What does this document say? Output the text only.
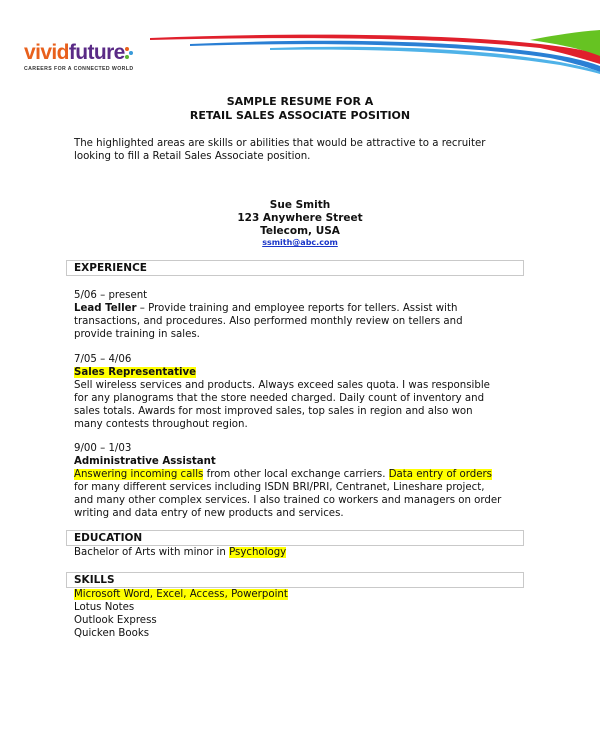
vividfuture
CAREERS FOR A CONNECTED WORLD
SAMPLE RESUME FOR A
RETAIL SALES ASSOCIATE POSITION
The highlighted areas are skills or abilities that would be attractive to a recruiter
looking to fill a Retail Sales Associate position.
Sue Smith
123 Anywhere Street
Telecom, USA
ssmith@abc.com
EXPERIENCE
5/06 – present
Lead Teller – Provide training and employee reports for tellers. Assist with
transactions, and procedures. Also performed monthly review on tellers and
provide training in sales.
7/05 – 4/06
Sales Representative
Sell wireless services and products. Always exceed sales quota. I was responsible
for any planograms that the store needed charged. Daily count of inventory and
sales totals. Awards for most improved sales, top sales in region and also won
many contests throughout region.
9/00 – 1/03
Administrative Assistant
Answering incoming calls from other local exchange carriers. Data entry of orders
for many different services including ISDN BRI/PRI, Centranet, Lineshare project,
and many other complex services. I also trained co workers and managers on order
writing and data entry of new products and services.
EDUCATION
Bachelor of Arts with minor in Psychology
SKILLS
Microsoft Word, Excel, Access, Powerpoint
Lotus Notes
Outlook Express
Quicken Books
